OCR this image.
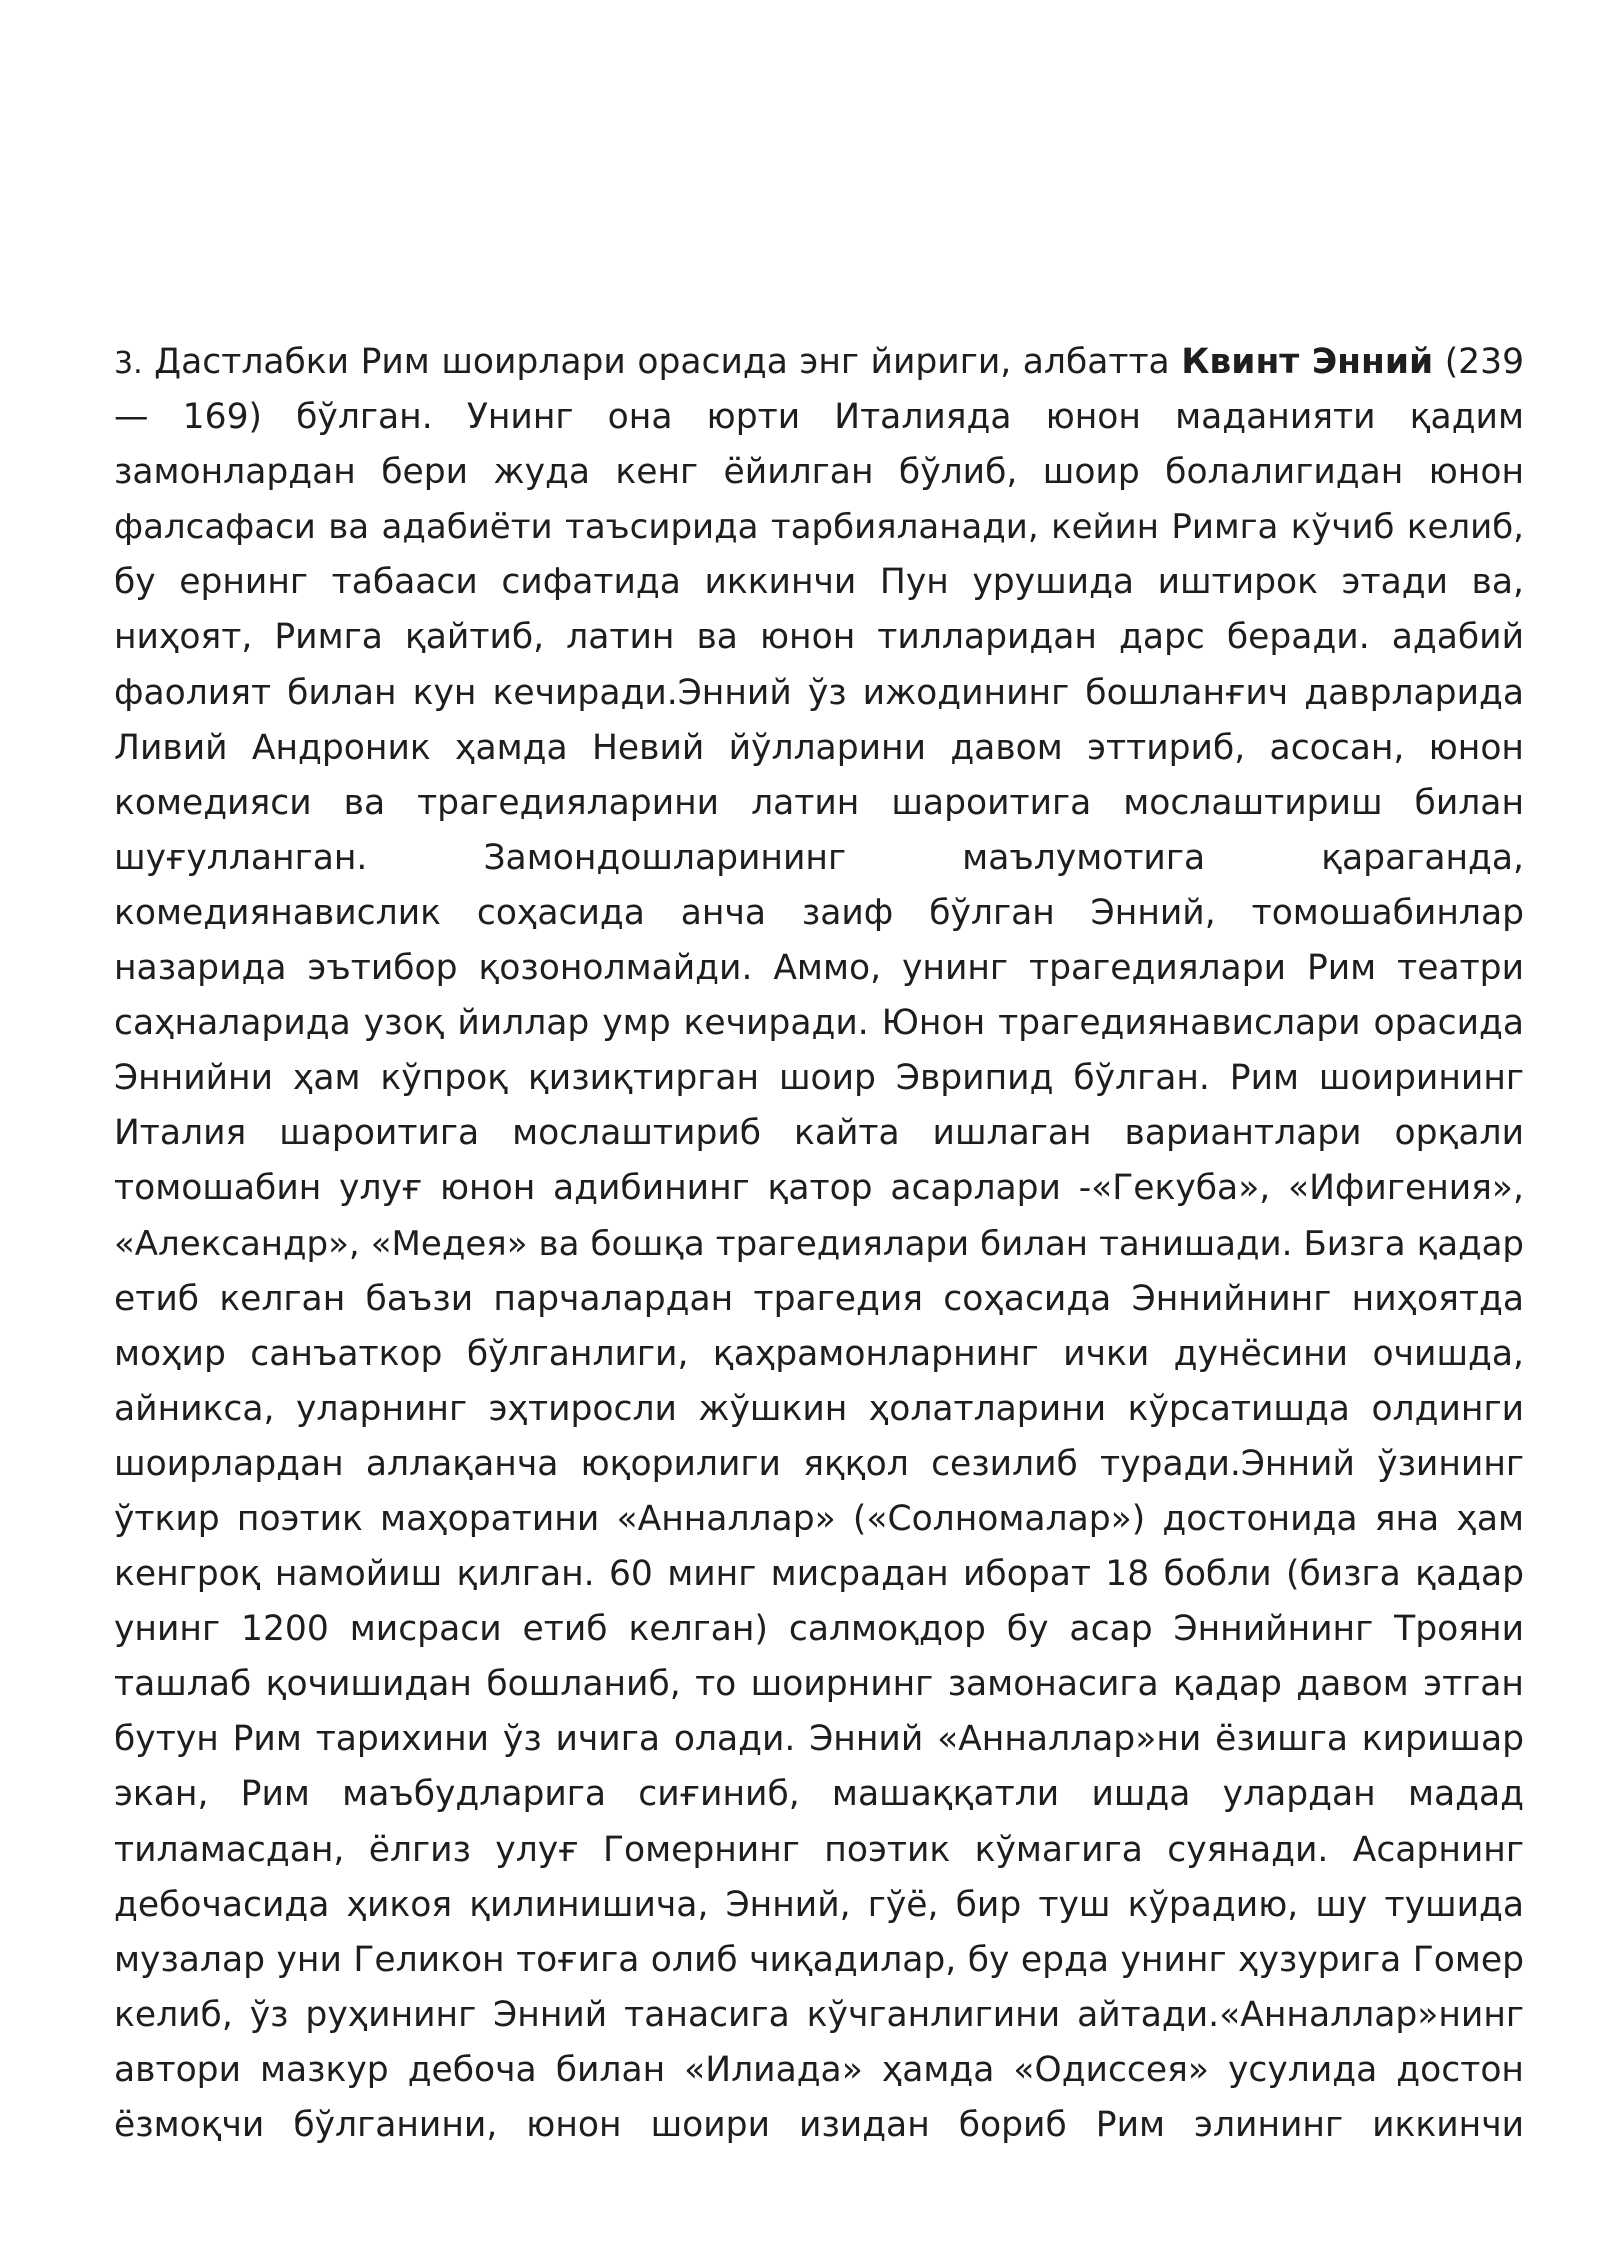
3. Дастлабки Рим шоирлари орасида энг йириги, албатта Квинт Энний (239
— 169) бўлган. Унинг она юрти Италияда юнон маданияти қадим
замонлардан бери жуда кенг ёйилган бўлиб, шоир болалигидан юнон
фалсафаси ва адабиёти таъсирида тарбияланади, кейин Римга кўчиб келиб,
бу ернинг табааси сифатида иккинчи Пун урушида иштирок этади ва,
ниҳоят, Римга қайтиб, латин ва юнон тилларидан дарс беради. адабий
фаолият билан кун кечиради.Энний ўз ижодининг бошланғич даврларида
Ливий Андроник ҳамда Невий йўлларини давом эттириб, асосан, юнон
комедияси ва трагедияларини латин шароитига мослаштириш билан
шуғулланган. Замондошларининг маълумотига қараганда,
комедиянавислик соҳасида анча заиф бўлган Энний, томошабинлар
назарида эътибор қозонолмайди. Аммо, унинг трагедиялари Рим театри
саҳналарида узоқ йиллар умр кечиради. Юнон трагедиянавислари орасида
Эннийни ҳам кўпроқ қизиқтирган шоир Эврипид бўлган. Рим шоирининг
Италия шароитига мослаштириб кайта ишлаган вариантлари орқали
томошабин улуғ юнон адибининг қатор асарлари -«Гекуба», «Ифигения»,
«Александр», «Медея» ва бошқа трагедиялари билан танишади. Бизга қадар
етиб келган баъзи парчалардан трагедия соҳасида Эннийнинг ниҳоятда
моҳир санъаткор бўлганлиги, қаҳрамонларнинг ички дунёсини очишда,
айникса, уларнинг эҳтиросли жўшкин ҳолатларини кўрсатишда олдинги
шоирлардан аллақанча юқорилиги яққол сезилиб туради.Энний ўзининг
ўткир поэтик маҳоратини «Анналлар» («Солномалар») достонида яна ҳам
кенгроқ намойиш қилган. 60 минг мисрадан иборат 18 бобли (бизга қадар
унинг 1200 мисраси етиб келган) салмоқдор бу асар Эннийнинг Трояни
ташлаб қочишидан бошланиб, то шоирнинг замонасига қадар давом этган
бутун Рим тарихини ўз ичига олади. Энний «Анналлар»ни ёзишга киришар
экан, Рим маъбудларига сиғиниб, машаққатли ишда улардан мадад
тиламасдан, ёлгиз улуғ Гомернинг поэтик кўмагига суянади. Асарнинг
дебочасида ҳикоя қилинишича, Энний, гўё, бир туш кўрадию, шу тушида
музалар уни Геликон тоғига олиб чиқадилар, бу ерда унинг ҳузурига Гомер
келиб, ўз руҳининг Энний танасига кўчганлигини айтади.«Анналлар»нинг
автори мазкур дебоча билан «Илиада» ҳамда «Одиссея» усулида достон
ёзмоқчи бўлганини, юнон шоири изидан бориб Рим элининг иккинчи
